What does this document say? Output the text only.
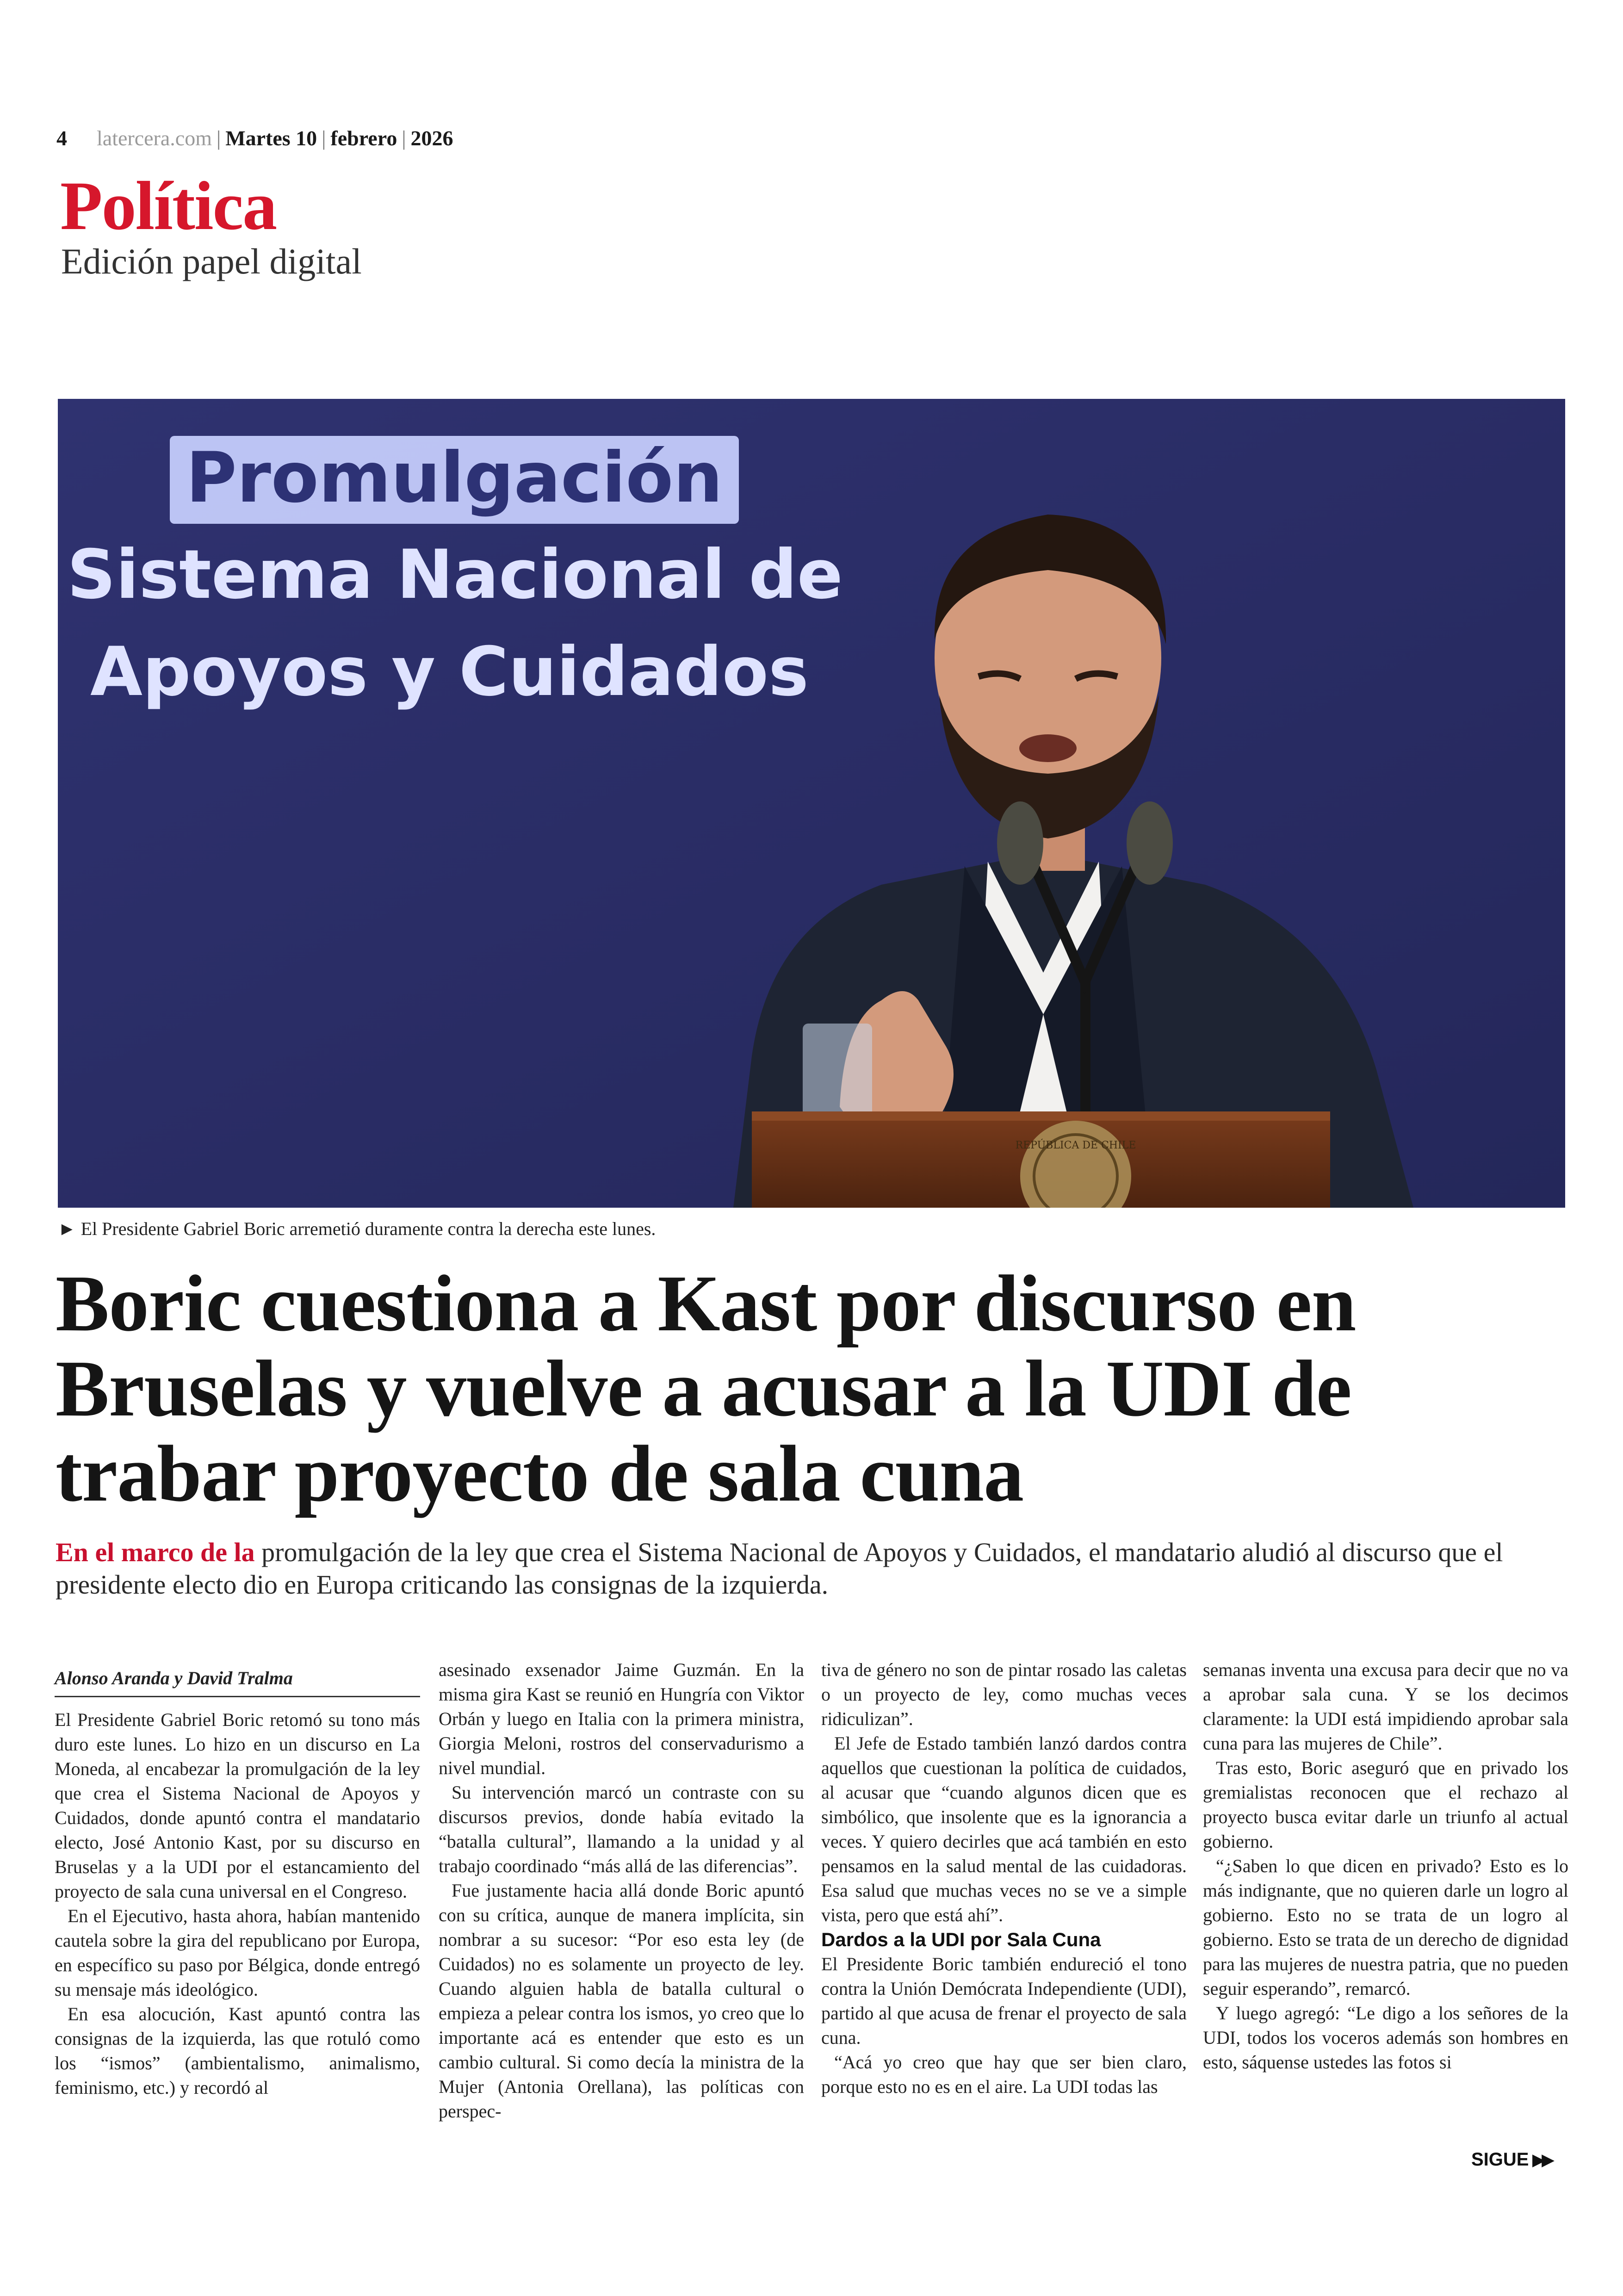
4 latercera.com | Martes 10 | febrero | 2026
Política
Edición papel digital
Promulgación
Sistema Nacional de
Apoyos y Cuidados
REPÚBLICA DE CHILE
► El Presidente Gabriel Boric arremetió duramente contra la derecha este lunes.
Boric cuestiona a Kast por discurso en Bruselas y vuelve a acusar a la UDI de trabar proyecto de sala cuna
En el marco de la promulgación de la ley que crea el Sistema Nacional de Apoyos y Cuidados, el mandatario aludió al discurso que el presidente electo dio en Europa criticando las consignas de la izquierda.

Alonso Aranda y David Tralma

El Presidente Gabriel Boric retomó su tono más duro este lunes. Lo hizo en un discurso en La Moneda, al encabezar la promulgación de la ley que crea el Sistema Nacional de Apoyos y Cuidados, donde apuntó contra el mandatario electo, José Antonio Kast, por su discurso en Bruselas y a la UDI por el estancamiento del proyecto de sala cuna universal en el Congreso.

En el Ejecutivo, hasta ahora, habían mantenido cautela sobre la gira del republicano por Europa, en específico su paso por Bélgica, donde entregó su mensaje más ideológico.

En esa alocución, Kast apuntó contra las consignas de la izquierda, las que rotuló como los “ismos” (ambientalismo, animalismo, feminismo, etc.) y recordó al

asesinado exsenador Jaime Guzmán. En la misma gira Kast se reunió en Hungría con Viktor Orbán y luego en Italia con la primera ministra, Giorgia Meloni, rostros del conservadurismo a nivel mundial.

Su intervención marcó un contraste con su discursos previos, donde había evitado la “batalla cultural”, llamando a la unidad y al trabajo coordinado “más allá de las diferencias”.

Fue justamente hacia allá donde Boric apuntó con su crítica, aunque de manera implícita, sin nombrar a su sucesor: “Por eso esta ley (de Cuidados) no es solamente un proyecto de ley. Cuando alguien habla de batalla cultural o empieza a pelear contra los ismos, yo creo que lo importante acá es entender que esto es un cambio cultural. Si como decía la ministra de la Mujer (Antonia Orellana), las políticas con perspec-

tiva de género no son de pintar rosado las caletas o un proyecto de ley, como muchas veces ridiculizan”.

El Jefe de Estado también lanzó dardos contra aquellos que cuestionan la política de cuidados, al acusar que “cuando algunos dicen que es simbólico, que insolente que es la ignorancia a veces. Y quiero decirles que acá también en esto pensamos en la salud mental de las cuidadoras. Esa salud que muchas veces no se ve a simple vista, pero que está ahí”.

Dardos a la UDI por Sala Cuna

El Presidente Boric también endureció el tono contra la Unión Demócrata Independiente (UDI), partido al que acusa de frenar el proyecto de sala cuna.

“Acá yo creo que hay que ser bien claro, porque esto no es en el aire. La UDI todas las

semanas inventa una excusa para decir que no va a aprobar sala cuna. Y se los decimos claramente: la UDI está impidiendo aprobar sala cuna para las mujeres de Chile”.

Tras esto, Boric aseguró que en privado los gremialistas reconocen que el rechazo al proyecto busca evitar darle un triunfo al actual gobierno.

“¿Saben lo que dicen en privado? Esto es lo más indignante, que no quieren darle un logro al gobierno. Esto no se trata de un logro al gobierno. Esto se trata de un derecho de dignidad para las mujeres de nuestra patria, que no pueden seguir esperando”, remarcó.

Y luego agregó: “Le digo a los señores de la UDI, todos los voceros además son hombres en esto, sáquense ustedes las fotos si

SIGUE ▶▶
